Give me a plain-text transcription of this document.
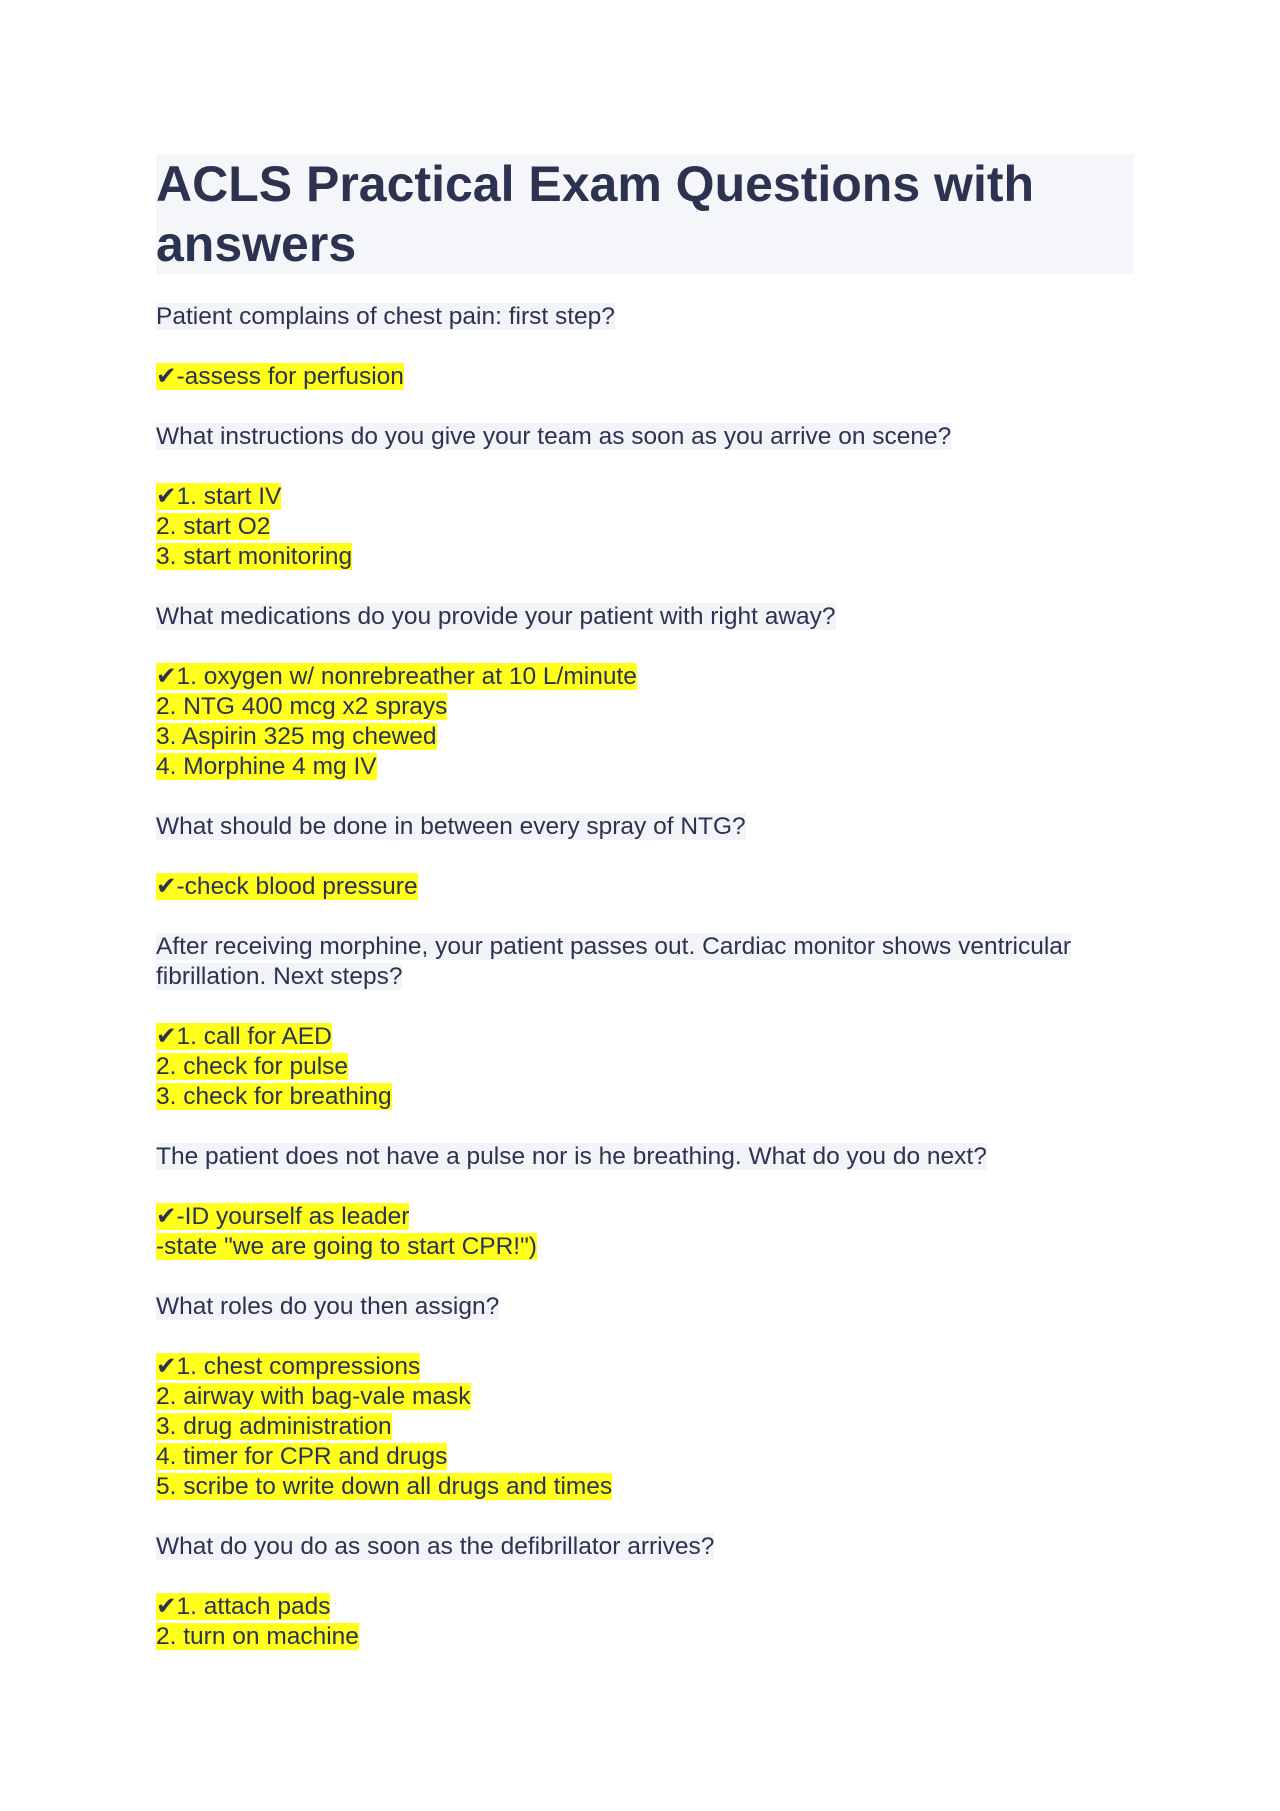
ACLS Practical Exam Questions with answers

Patient complains of chest pain: first step?

✔-assess for perfusion

What instructions do you give your team as soon as you arrive on scene?

✔1. start IV
2. start O2
3. start monitoring

What medications do you provide your patient with right away?

✔1. oxygen w/ nonrebreather at 10 L/minute
2. NTG 400 mcg x2 sprays
3. Aspirin 325 mg chewed
4. Morphine 4 mg IV

What should be done in between every spray of NTG?

✔-check blood pressure

After receiving morphine, your patient passes out. Cardiac monitor shows ventricular fibrillation. Next steps?

✔1. call for AED
2. check for pulse
3. check for breathing

The patient does not have a pulse nor is he breathing. What do you do next?

✔-ID yourself as leader
-state "we are going to start CPR!")

What roles do you then assign?

✔1. chest compressions
2. airway with bag-vale mask
3. drug administration
4. timer for CPR and drugs
5. scribe to write down all drugs and times

What do you do as soon as the defibrillator arrives?

✔1. attach pads
2. turn on machine
